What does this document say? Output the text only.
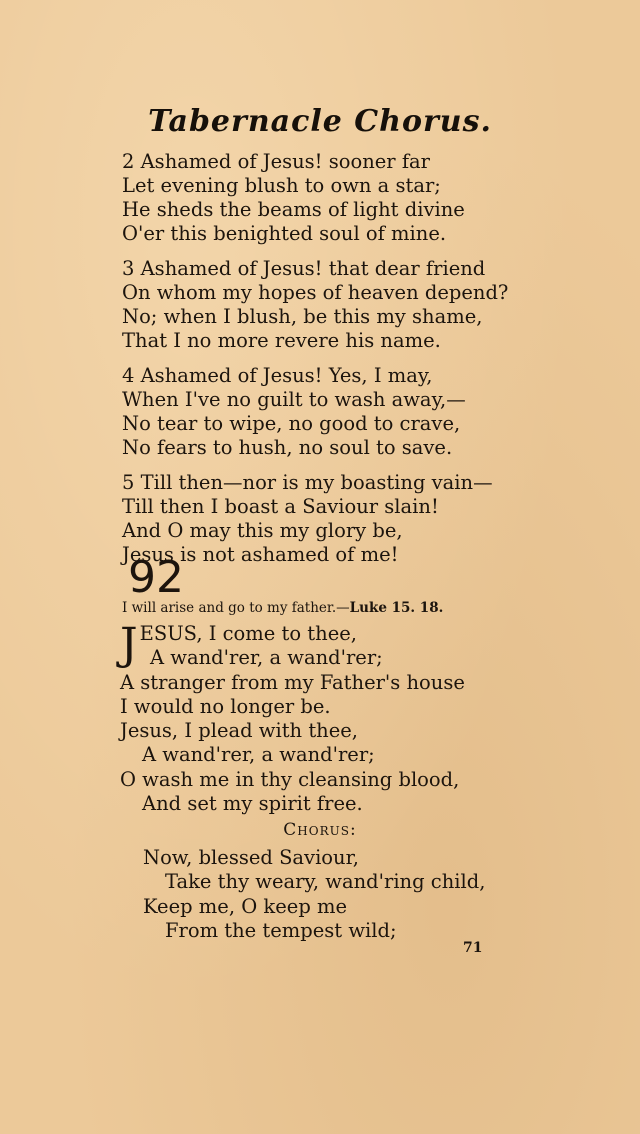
Tabernacle Chorus.
2 Ashamed of Jesus! sooner far
Let evening blush to own a star;
He sheds the beams of light divine
O'er this benighted soul of mine.
3 Ashamed of Jesus! that dear friend
On whom my hopes of heaven depend?
No; when I blush, be this my shame,
That I no more revere his name.
4 Ashamed of Jesus! Yes, I may,
When I've no guilt to wash away,—
No tear to wipe, no good to crave,
No fears to hush, no soul to save.
5 Till then—nor is my boasting vain—
Till then I boast a Saviour slain!
And O may this my glory be,
Jesus is not ashamed of me!
92
I will arise and go to my father.—Luke 15. 18.
J ESUS, I come to thee,
A wand'rer, a wand'rer;
A stranger from my Father's house
I would no longer be.
Jesus, I plead with thee,
A wand'rer, a wand'rer;
O wash me in thy cleansing blood,
And set my spirit free.
Chorus:
Now, blessed Saviour,
Take thy weary, wand'ring child,
Keep me, O keep me
From the tempest wild;
71
